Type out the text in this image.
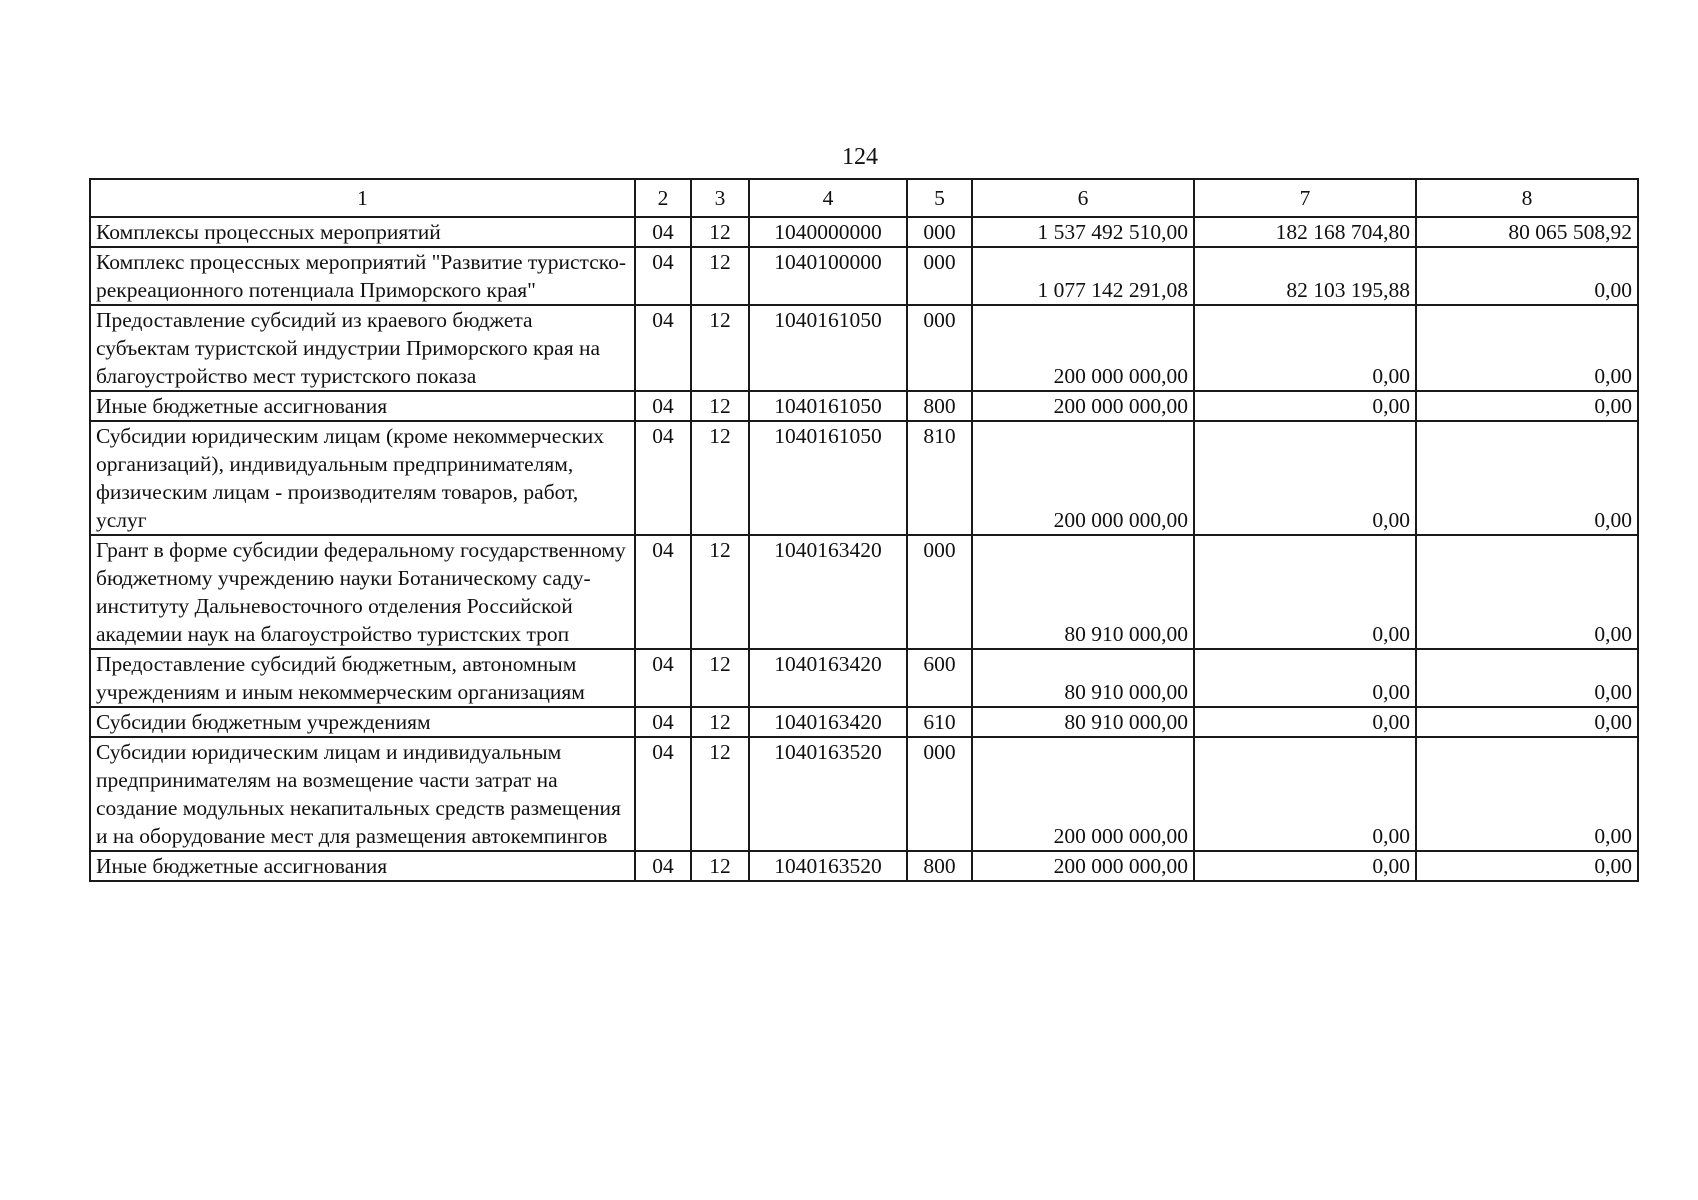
124
1	2	3	4	5	6	7	8
Комплексы процессных мероприятий	04	12	1040000000	000	1 537 492 510,00	182 168 704,80	80 065 508,92
Комплекс процессных мероприятий "Развитие туристско-рекреационного потенциала Приморского края"	04	12	1040100000	000	1 077 142 291,08	82 103 195,88	0,00
Предоставление субсидий из краевого бюджета субъектам туристской индустрии Приморского края на благоустройство мест туристского показа	04	12	1040161050	000	200 000 000,00	0,00	0,00
Иные бюджетные ассигнования	04	12	1040161050	800	200 000 000,00	0,00	0,00
Субсидии юридическим лицам (кроме некоммерческих организаций), индивидуальным предпринимателям, физическим лицам - производителям товаров, работ, услуг	04	12	1040161050	810	200 000 000,00	0,00	0,00
Грант в форме субсидии федеральному государственному бюджетному учреждению науки Ботаническому саду-институту Дальневосточного отделения Российской академии наук на благоустройство туристских троп	04	12	1040163420	000	80 910 000,00	0,00	0,00
Предоставление субсидий бюджетным, автономным учреждениям и иным некоммерческим организациям	04	12	1040163420	600	80 910 000,00	0,00	0,00
Субсидии бюджетным учреждениям	04	12	1040163420	610	80 910 000,00	0,00	0,00
Субсидии юридическим лицам и индивидуальным предпринимателям на возмещение части затрат на создание модульных некапитальных средств размещения и на оборудование мест для размещения автокемпингов	04	12	1040163520	000	200 000 000,00	0,00	0,00
Иные бюджетные ассигнования	04	12	1040163520	800	200 000 000,00	0,00	0,00
